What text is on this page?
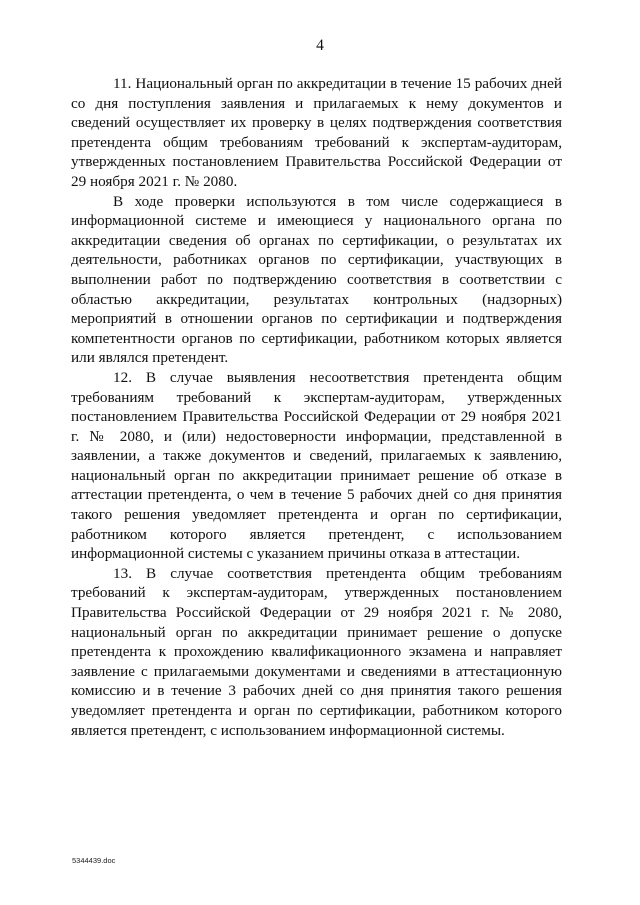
4

11. Национальный орган по аккредитации в течение 15 рабочих дней со дня поступления заявления и прилагаемых к нему документов и сведений осуществляет их проверку в целях подтверждения соответствия претендента общим требованиям требований к экспертам-аудиторам, утвержденных постановлением Правительства Российской Федерации от 29 ноября 2021 г. № 2080.

В ходе проверки используются в том числе содержащиеся в информационной системе и имеющиеся у национального органа по аккредитации сведения об органах по сертификации, о результатах их деятельности, работниках органов по сертификации, участвующих в выполнении работ по подтверждению соответствия в соответствии с областью аккредитации, результатах контрольных (надзорных) мероприятий в отношении органов по сертификации и подтверждения компетентности органов по сертификации, работником которых является или являлся претендент.

12. В случае выявления несоответствия претендента общим требованиям требований к экспертам-аудиторам, утвержденных постановлением Правительства Российской Федерации от 29 ноября 2021 г. № 2080, и (или) недостоверности информации, представленной в заявлении, а также документов и сведений, прилагаемых к заявлению, национальный орган по аккредитации принимает решение об отказе в аттестации претендента, о чем в течение 5 рабочих дней со дня принятия такого решения уведомляет претендента и орган по сертификации, работником которого является претендент, с использованием информационной системы с указанием причины отказа в аттестации.

13. В случае соответствия претендента общим требованиям требований к экспертам-аудиторам, утвержденных постановлением Правительства Российской Федерации от 29 ноября 2021 г. № 2080, национальный орган по аккредитации принимает решение о допуске претендента к прохождению квалификационного экзамена и направляет заявление с прилагаемыми документами и сведениями в аттестационную комиссию и в течение 3 рабочих дней со дня принятия такого решения уведомляет претендента и орган по сертификации, работником которого является претендент, с использованием информационной системы.

5344439.doc
